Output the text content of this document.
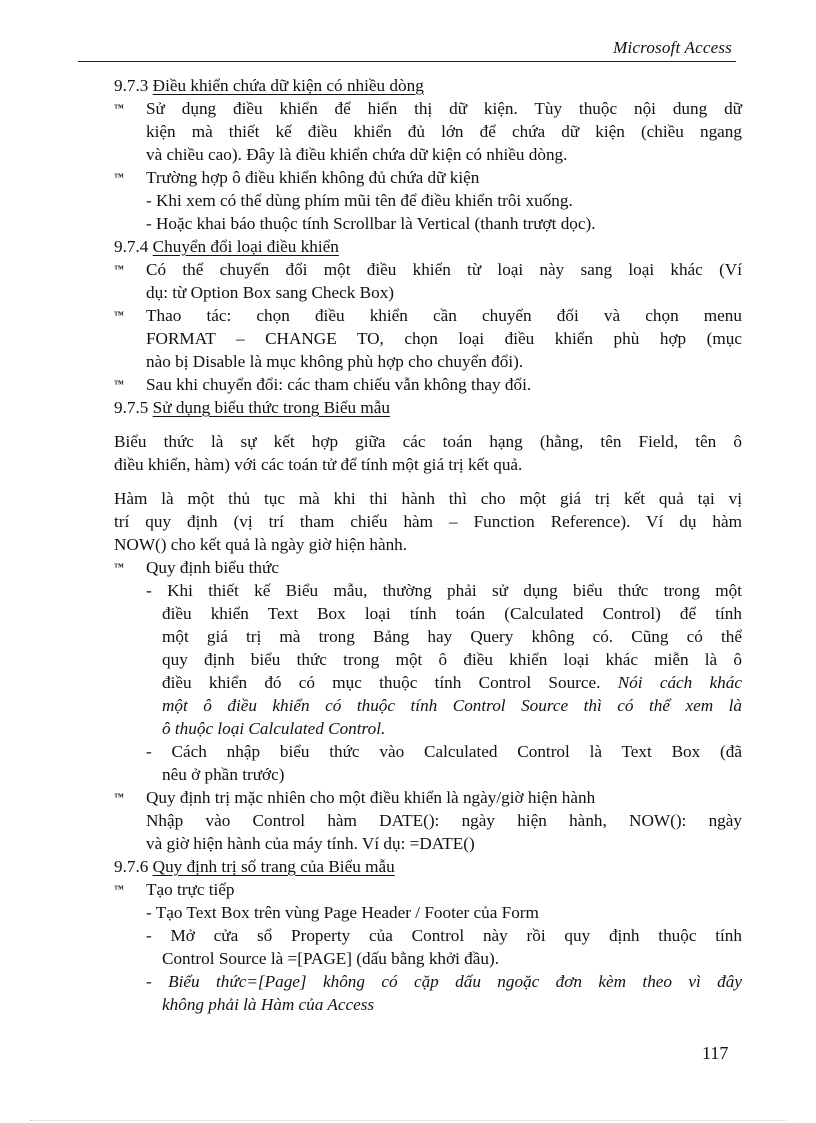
Microsoft Access
9.7.3 Điều khiển chứa dữ kiện có nhiều dòng
Sử dụng điều khiển để hiển thị dữ kiện. Tùy thuộc nội dung dữ
™
kiện mà thiết kế điều khiển đủ lớn để chứa dữ kiện (chiều ngang
và chiều cao). Đây là điều khiển chứa dữ kiện có nhiều dòng.
Trường hợp ô điều khiển không đủ chứa dữ kiện
™
- Khi xem có thể dùng phím mũi tên để điều khiển trôi xuống.
- Hoặc khai báo thuộc tính Scrollbar là Vertical (thanh trượt dọc).
9.7.4 Chuyển đổi loại điều khiển
Có thể chuyển đổi một điều khiển từ loại này sang loại khác (Ví
™
dụ: từ Option Box sang Check Box)
Thao tác: chọn điều khiển cần chuyển đổi và chọn menu
™
FORMAT – CHANGE TO, chọn loại điều khiển phù hợp (mục
nào bị Disable là mục không phù hợp cho chuyển đổi).
Sau khi chuyển đổi: các tham chiếu vẫn không thay đổi.
™
9.7.5 Sử dụng biểu thức trong Biểu mẫu
Biểu thức là sự kết hợp giữa các toán hạng (hằng, tên Field, tên ô
điều khiển, hàm) với các toán tử để tính một giá trị kết quả.
Hàm là một thủ tục mà khi thi hành thì cho một giá trị kết quả tại vị
trí quy định (vị trí tham chiếu hàm – Function Reference). Ví dụ hàm
NOW() cho kết quả là ngày giờ hiện hành.
Quy định biểu thức
™
- Khi thiết kế Biểu mẫu, thường phải sử dụng biểu thức trong một
điều khiển Text Box loại tính toán (Calculated Control) để tính
một giá trị mà trong Bảng hay Query không có. Cũng có thể
quy định biểu thức trong một ô điều khiển loại khác miễn là ô
điều khiển đó có mục thuộc tính Control Source. Nói cách khác
một ô điều khiển có thuộc tính Control Source thì có thể xem là
ô thuộc loại Calculated Control.
- Cách nhập biểu thức vào Calculated Control là Text Box (đã
nêu ở phần trước)
Quy định trị mặc nhiên cho một điều khiển là ngày/giờ hiện hành
™
Nhập vào Control hàm DATE(): ngày hiện hành, NOW(): ngày
và giờ hiện hành của máy tính. Ví dụ: =DATE()
9.7.6 Quy định trị số trang của Biểu mẫu
Tạo trực tiếp
™
- Tạo Text Box trên vùng Page Header / Footer của Form
- Mở cửa sổ Property của Control này rồi quy định thuộc tính
Control Source là =[PAGE] (dấu bằng khởi đầu).
- Biểu thức=[Page] không có cặp dấu ngoặc đơn kèm theo vì đây
không phải là Hàm của Access
117
